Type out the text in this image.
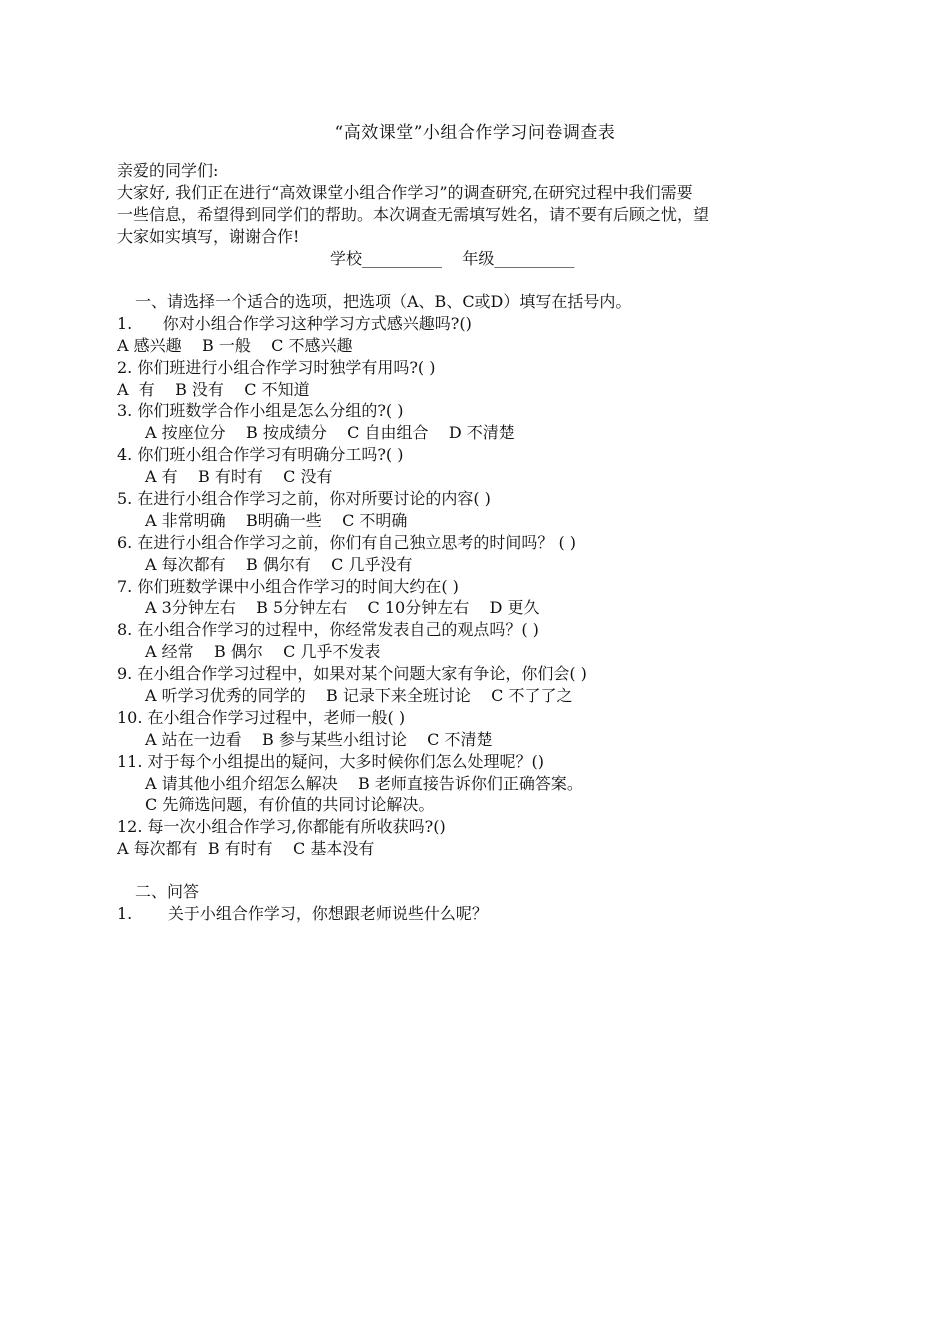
“高效课堂”小组合作学习问卷调查表

亲爱的同学们:

大家好, 我们正在进行“高效课堂小组合作学习”的调查研究,在研究过程中我们需要

一些信息，希望得到同学们的帮助。本次调查无需填写姓名，请不要有后顾之忧，望

大家如实填写，谢谢合作!

学校__________ 年级__________
一、请选择一个适合的选项，把选项（A、B、C或D）填写在括号内。
1.      你对小组合作学习这种学习方式感兴趣吗?()
A 感兴趣    B 一般    C 不感兴趣
2. 你们班进行小组合作学习时独学有用吗?( )
A  有    B 没有    C 不知道
3. 你们班数学合作小组是怎么分组的?( )
A 按座位分    B 按成绩分    C 自由组合    D 不清楚
4. 你们班小组合作学习有明确分工吗?( )
A 有    B 有时有    C 没有
5. 在进行小组合作学习之前，你对所要讨论的内容( )
A 非常明确    B明确一些    C 不明确
6. 在进行小组合作学习之前，你们有自己独立思考的时间吗？ ( )
A 每次都有    B 偶尔有    C 几乎没有
7. 你们班数学课中小组合作学习的时间大约在( )
A 3分钟左右    B 5分钟左右    C 10分钟左右    D 更久
8. 在小组合作学习的过程中，你经常发表自己的观点吗？( )
A 经常    B 偶尔    C 几乎不发表
9. 在小组合作学习过程中，如果对某个问题大家有争论，你们会( )
A 听学习优秀的同学的    B 记录下来全班讨论    C 不了了之
10. 在小组合作学习过程中，老师一般( )
A 站在一边看    B 参与某些小组讨论    C 不清楚
11. 对于每个小组提出的疑问，大多时候你们怎么处理呢？()
A 请其他小组介绍怎么解决    B 老师直接告诉你们正确答案。
C 先筛选问题，有价值的共同讨论解决。
12. 每一次小组合作学习,你都能有所收获吗?()
A 每次都有  B 有时有    C 基本没有
二、问答
1.       关于小组合作学习，你想跟老师说些什么呢？
